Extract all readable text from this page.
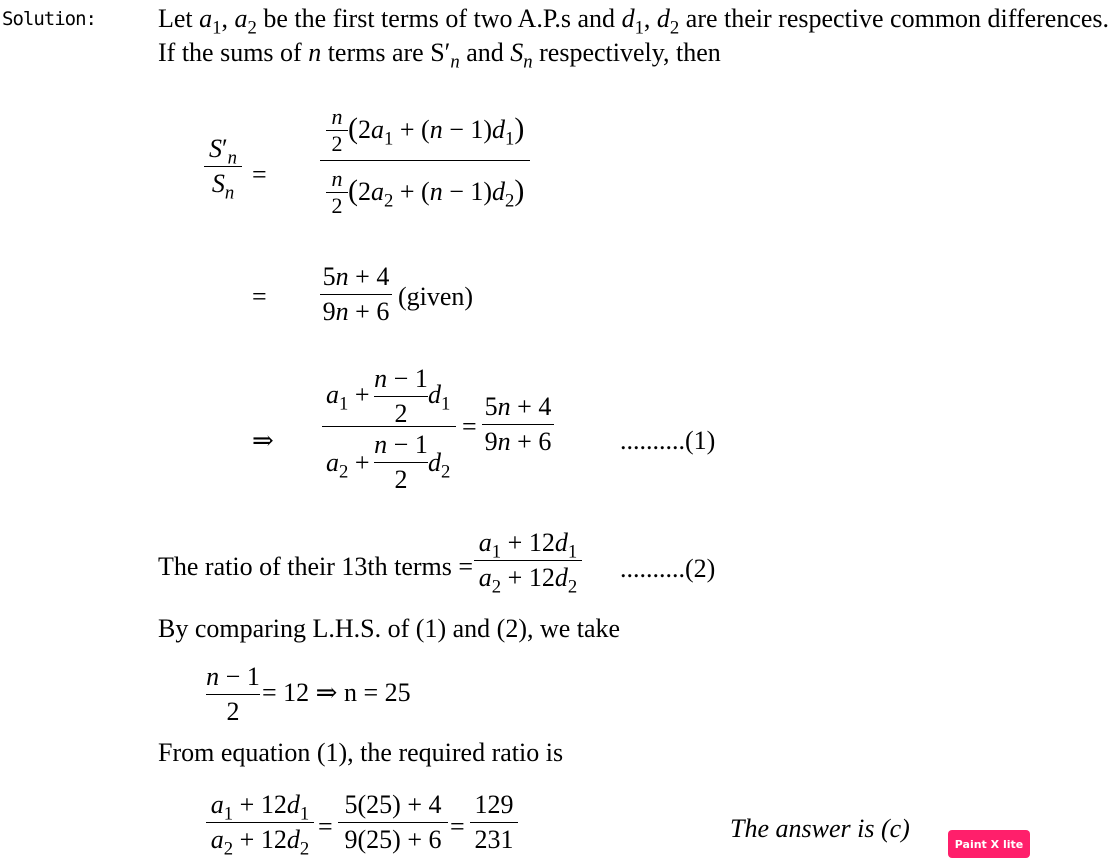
Solution: Let $a_1$, $a_2$ be the first terms of two A.P.s and $d_1$, $d_2$ are their respective common differences.
If the sums of n terms are $S'_n$ and $S_n$ respectively, then
$S'_n$
$S_n$
=
n
2 $(2a_1 + (n - 1)d_1)$
n
2 $(2a_2 + (n - 1)d_2)$
=
5n + 4
9n + 6
(given)
⇒
$a_1$ +
n − 1
2
$d_1$
$a_2$ +
n − 1
2
$d_2$
=
5n + 4
9n + 6	..........(1)
The ratio of their 13th terms =
$a_1 + 12d_1$
$a_2 + 12d_2$
..........(2)
By comparing L.H.S. of (1) and (2), we take
n − 1
2
= 12 ⇒ n = 25
From equation (1), the required ratio is
$a_1 + 12d_1$
$a_2 + 12d_2$
=
5(25) + 4
9(25) + 6 =
129
231	The answer is (c)
Paint X lite
